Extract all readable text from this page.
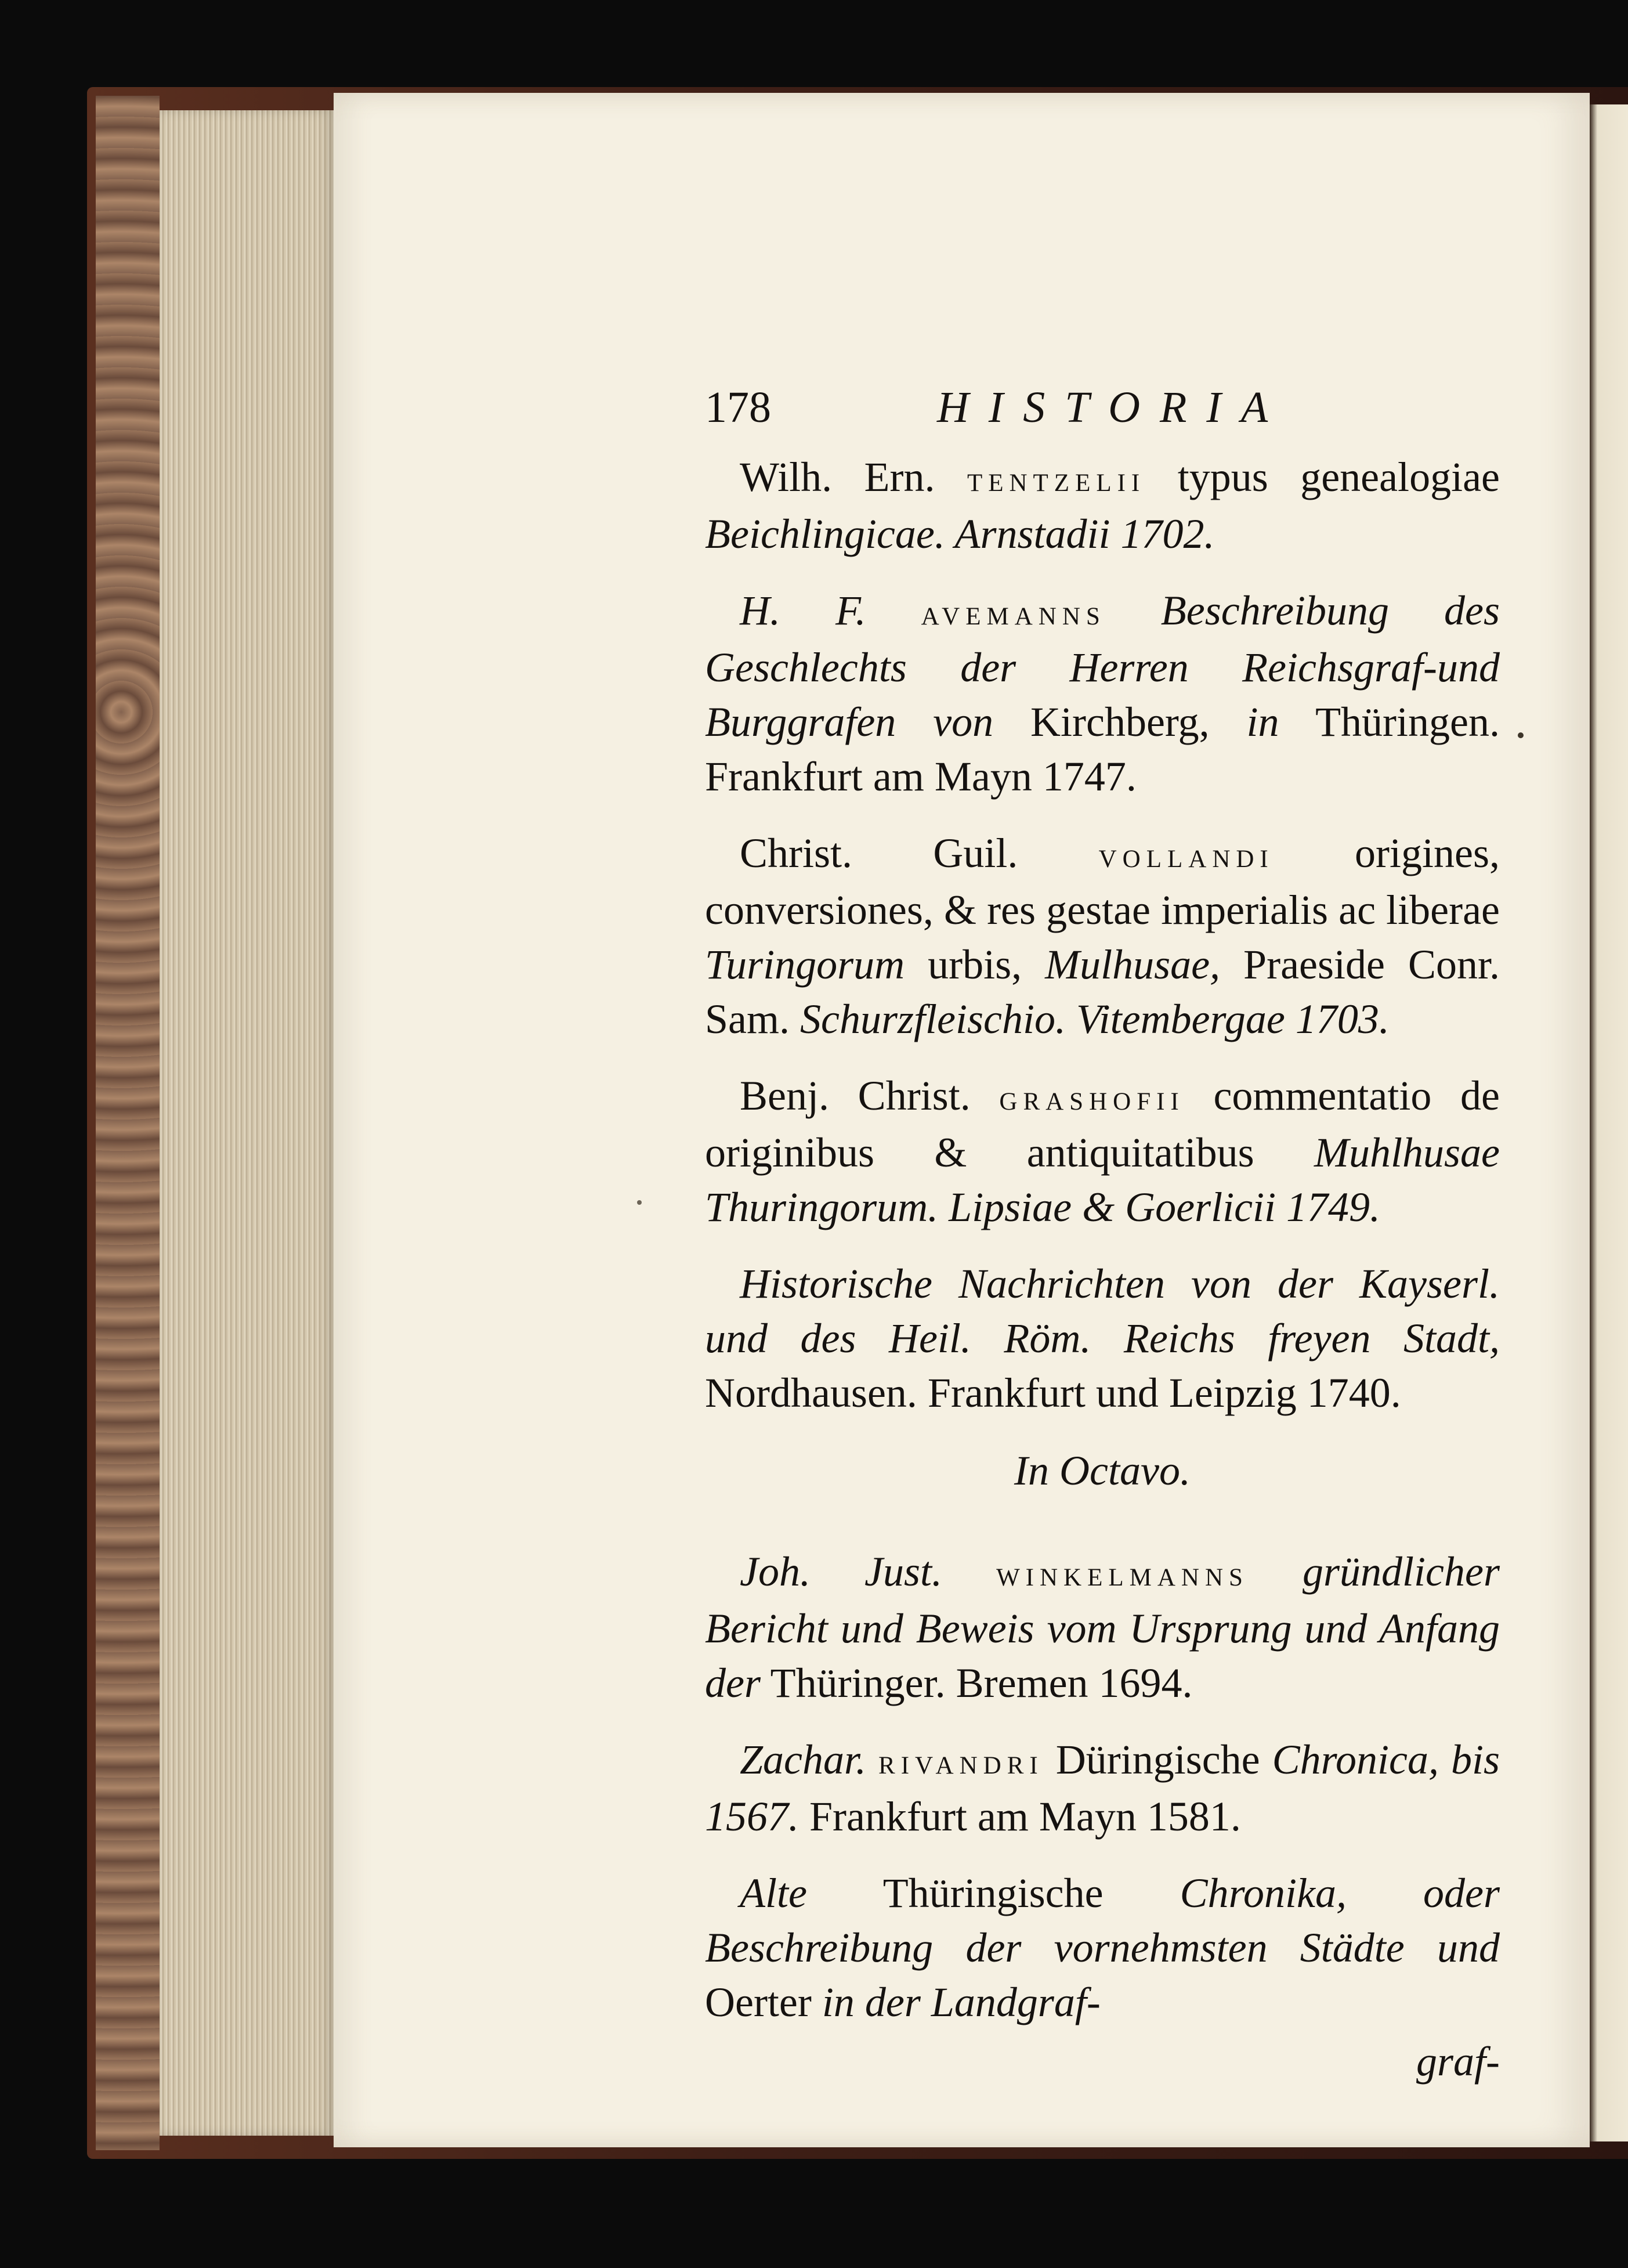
178	HISTORIA

Wilh. Ern. tentzelii typus genealogiae Beichlingicae. Arnstadii 1702.

H. F. avemanns Beschreibung des Geschlechts der Herren Reichsgraf-und Burggrafen von Kirchberg, in Thüringen. Frankfurt am Mayn 1747.

Christ. Guil. vollandi origines, conversiones, & res gestae imperialis ac liberae Turingorum urbis, Mulhusae, Praeside Conr. Sam. Schurzfleischio. Vitembergae 1703.

Benj. Christ. grashofii commentatio de originibus & antiquitatibus Muhlhusae Thuringorum. Lipsiae & Goerlicii 1749.

Historische Nachrichten von der Kayserl. und des Heil. Röm. Reichs freyen Stadt, Nordhausen. Frankfurt und Leipzig 1740.

In Octavo.

Joh. Just. winkelmanns gründlicher Bericht und Beweis vom Ursprung und Anfang der Thüringer. Bremen 1694.

Zachar. rivandri Düringische Chronica, bis 1567. Frankfurt am Mayn 1581.

Alte Thüringische Chronika, oder Beschreibung der vornehmsten Städte und Oerter in der Landgraf-

graf-
